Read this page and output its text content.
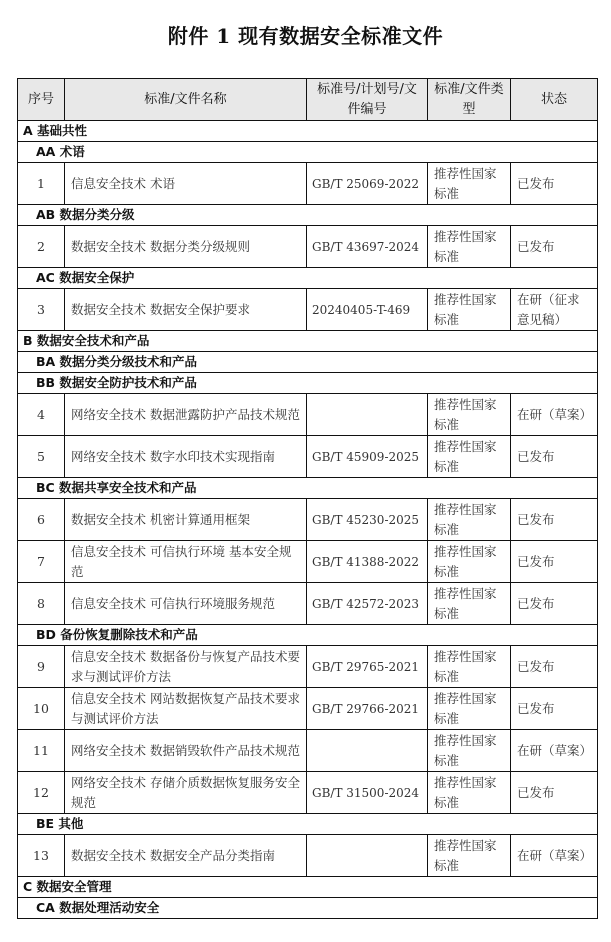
附件 1 现有数据安全标准文件
序号	标准/文件名称	标准号/计划号/文件编号	标准/文件类型	状态
A 基础共性				
AA 术语				
1	信息安全技术 术语	GB/T 25069-2022	推荐性国家标准	已发布
AB 数据分类分级				
2	数据安全技术 数据分类分级规则	GB/T 43697-2024	推荐性国家标准	已发布
AC 数据安全保护				
3	数据安全技术 数据安全保护要求	20240405-T-469	推荐性国家标准	在研（征求意见稿）
B 数据安全技术和产品				
BA 数据分类分级技术和产品				
BB 数据安全防护技术和产品				
4	网络安全技术 数据泄露防护产品技术规范		推荐性国家标准	在研（草案）
5	网络安全技术 数字水印技术实现指南	GB/T 45909-2025	推荐性国家标准	已发布
BC 数据共享安全技术和产品				
6	数据安全技术 机密计算通用框架	GB/T 45230-2025	推荐性国家标准	已发布
7	信息安全技术 可信执行环境 基本安全规范	GB/T 41388-2022	推荐性国家标准	已发布
8	信息安全技术 可信执行环境服务规范	GB/T 42572-2023	推荐性国家标准	已发布
BD 备份恢复删除技术和产品				
9	信息安全技术 数据备份与恢复产品技术要求与测试评价方法	GB/T 29765-2021	推荐性国家标准	已发布
10	信息安全技术 网站数据恢复产品技术要求与测试评价方法	GB/T 29766-2021	推荐性国家标准	已发布
11	网络安全技术 数据销毁软件产品技术规范		推荐性国家标准	在研（草案）
12	网络安全技术 存储介质数据恢复服务安全规范	GB/T 31500-2024	推荐性国家标准	已发布
BE 其他				
13	数据安全技术 数据安全产品分类指南		推荐性国家标准	在研（草案）
C 数据安全管理				
CA 数据处理活动安全				
